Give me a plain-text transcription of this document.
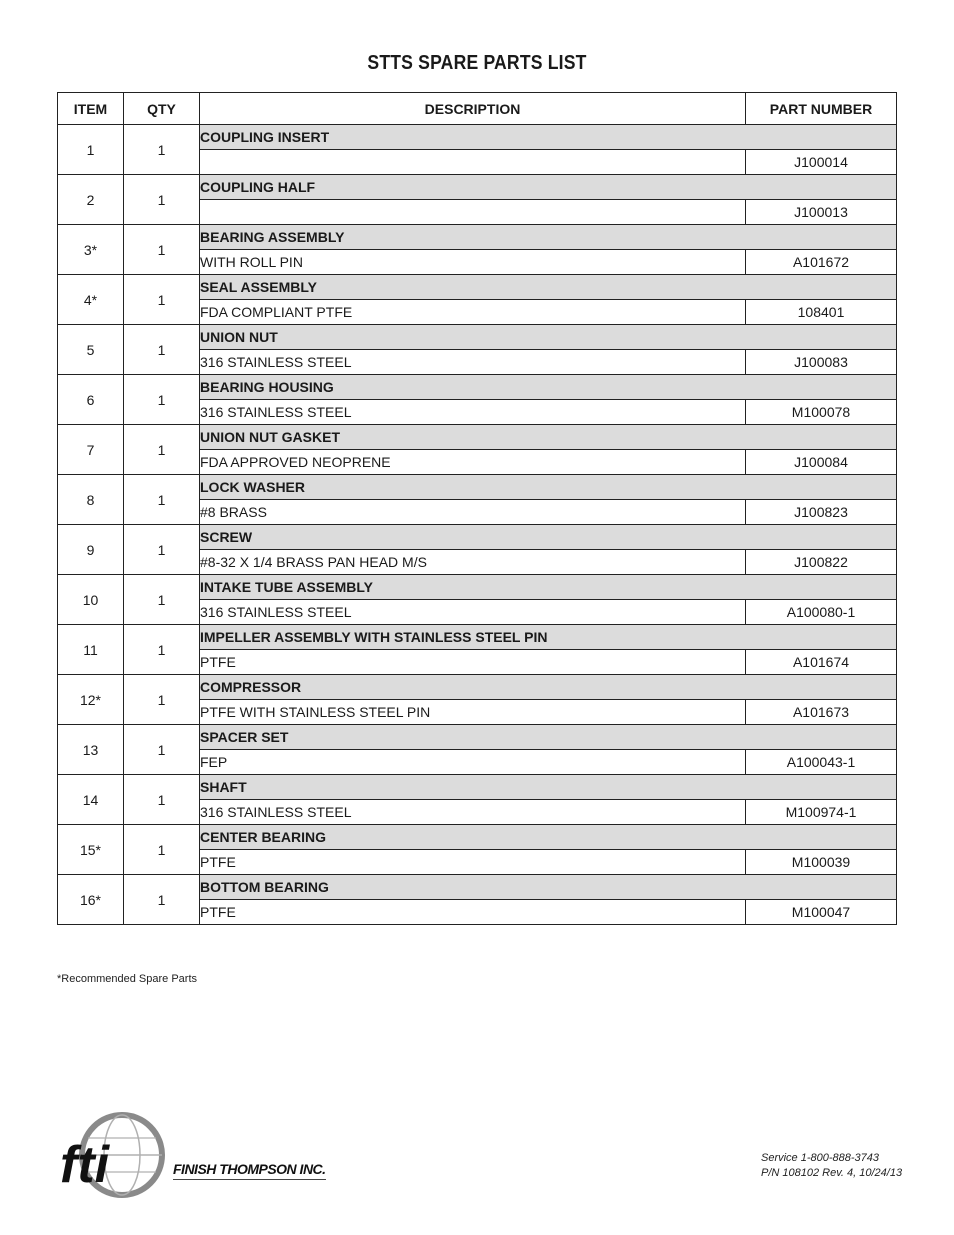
STTS SPARE PARTS LIST
ITEM	QTY	DESCRIPTION	PART NUMBER
1	1	COUPLING INSERT	
			J100014
2	1	COUPLING HALF	
			J100013
3*	1	BEARING ASSEMBLY	
		WITH ROLL PIN	A101672
4*	1	SEAL ASSEMBLY	
		FDA COMPLIANT PTFE	108401
5	1	UNION NUT	
		316 STAINLESS STEEL	J100083
6	1	BEARING HOUSING	
		316 STAINLESS STEEL	M100078
7	1	UNION NUT GASKET	
		FDA APPROVED NEOPRENE	J100084
8	1	LOCK WASHER	
		#8 BRASS	J100823
9	1	SCREW	
		#8-32 X 1/4 BRASS PAN HEAD M/S	J100822
10	1	INTAKE TUBE ASSEMBLY	
		316 STAINLESS STEEL	A100080-1
11	1	IMPELLER ASSEMBLY WITH STAINLESS STEEL PIN	
		PTFE	A101674
12*	1	COMPRESSOR	
		PTFE WITH STAINLESS STEEL PIN	A101673
13	1	SPACER SET	
		FEP	A100043-1
14	1	SHAFT	
		316 STAINLESS STEEL	M100974-1
15*	1	CENTER BEARING	
		PTFE	M100039
16*	1	BOTTOM BEARING	
		PTFE	M100047
*Recommended Spare Parts
fti	FINISH THOMPSON INC.
Service 1-800-888-3743
P/N 108102 Rev. 4, 10/24/13
